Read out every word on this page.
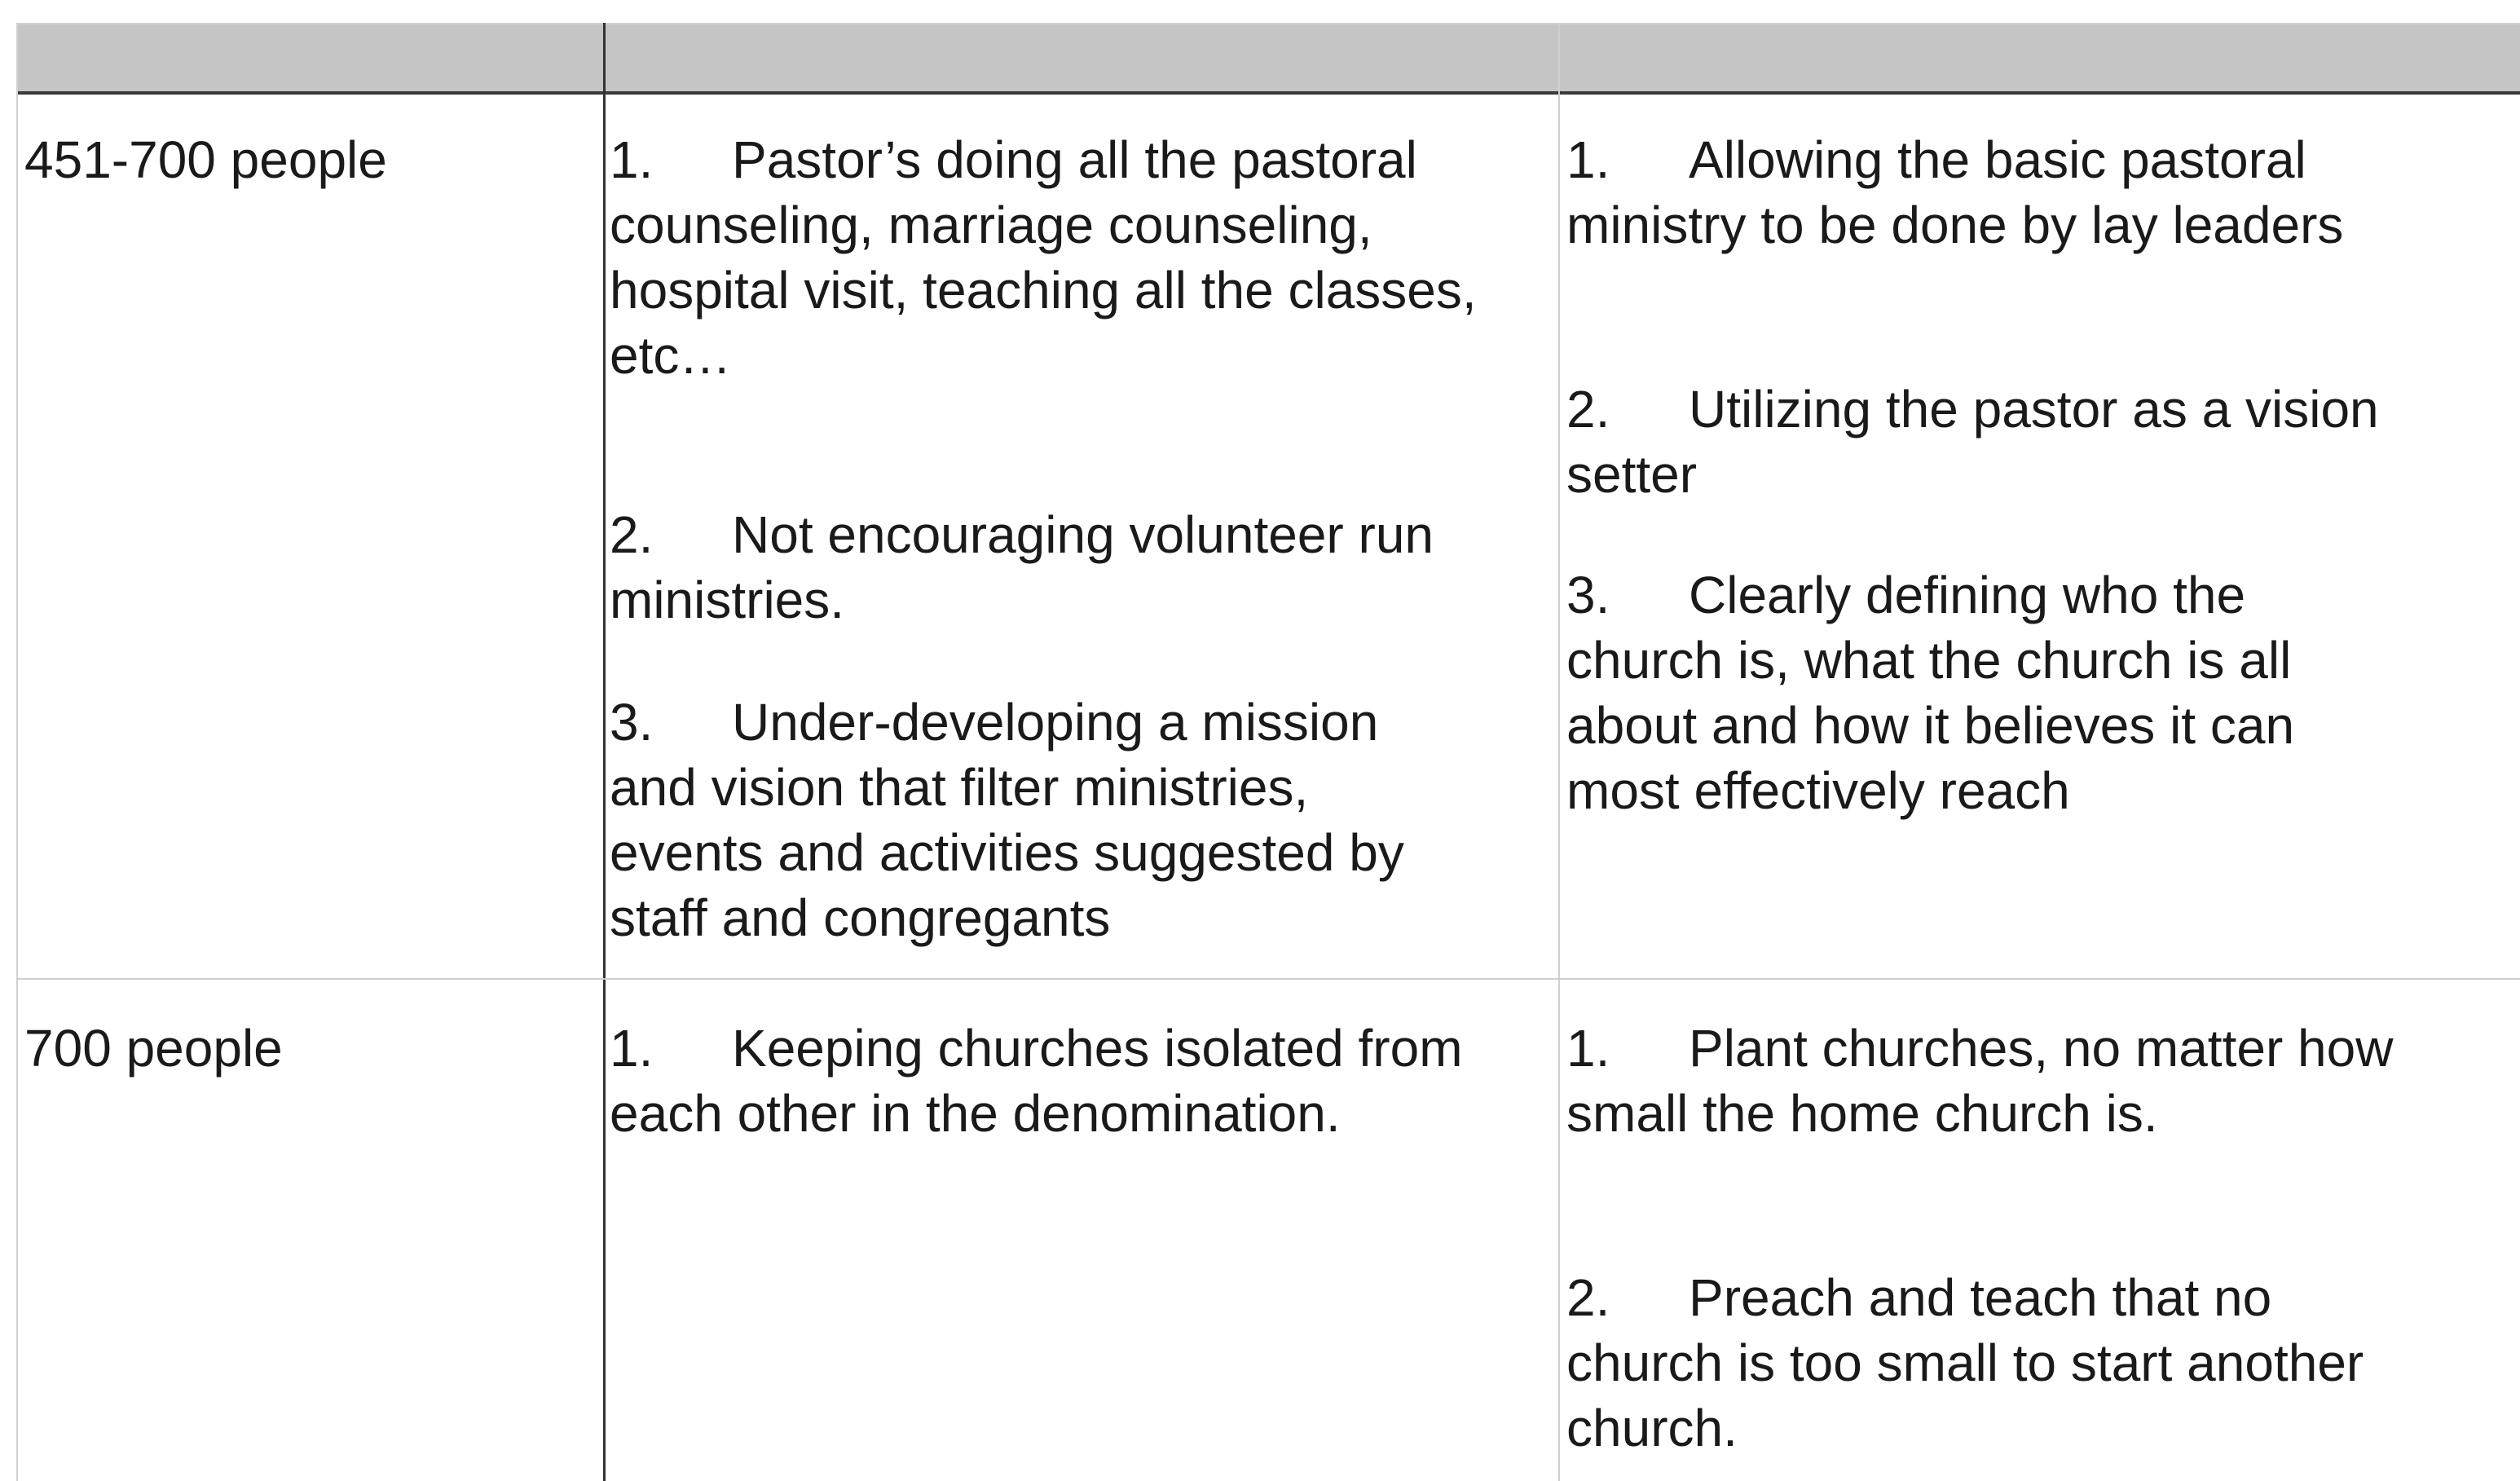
451-700 people	1. Pastor’s doing all the pastoral counseling, marriage counseling, hospital visit, teaching all the classes, etc…
2. Not encouraging volunteer run ministries.
3. Under-developing a mission and vision that filter ministries, events and activities suggested by staff and congregants
1. Allowing the basic pastoral ministry to be done by lay leaders
2. Utilizing the pastor as a vision setter
3. Clearly defining who the church is, what the church is all about and how it believes it can most effectively reach
700 people	1. Keeping churches isolated from each other in the denomination.
1. Plant churches, no matter how small the home church is.
2. Preach and teach that no church is too small to start another church.
